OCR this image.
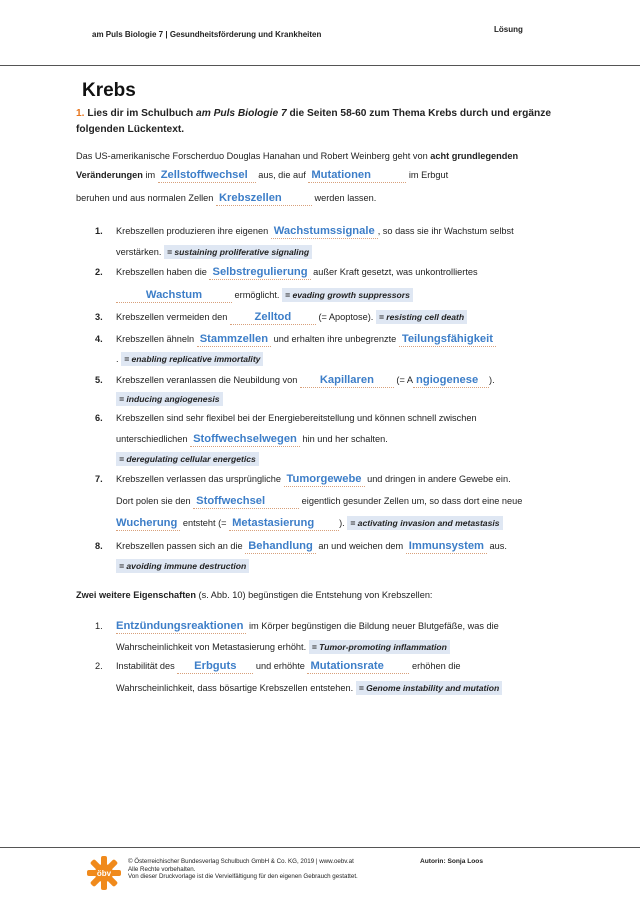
am Puls Biologie 7 | Gesundheitsförderung und Krankheiten
Lösung
Krebs
1. Lies dir im Schulbuch am Puls Biologie 7 die Seiten 58-60 zum Thema Krebs durch und ergänze folgenden Lückentext.
Das US-amerikanische Forscherduo Douglas Hanahan und Robert Weinberg geht von acht grundlegenden
Veränderungen im Zellstoffwechsel aus, die auf Mutationen	im Erbgut
beruhen und aus normalen Zellen Krebszellen	werden lassen.
1. Krebszellen produzieren ihre eigenen Wachstumssignale , so dass sie ihr Wachstum selbst
verstärken. = sustaining proliferative signaling
2. Krebszellen haben die Selbstregulierung außer Kraft gesetzt, was unkontrolliertes
Wachstum	ermöglicht. = evading growth suppressors
3. Krebszellen vermeiden den Zelltod	(= Apoptose). = resisting cell death
4. Krebszellen ähneln Stammzellen und erhalten ihre unbegrenzte Teilungsfähigkeit
. = enabling replicative immortality
5. Krebszellen veranlassen die Neubildung von Kapillaren (= A ngiogenese ).
= inducing angiogenesis
6. Krebszellen sind sehr flexibel bei der Energiebereitstellung und können schnell zwischen
unterschiedlichen Stoffwechselwegen hin und her schalten.
= deregulating cellular energetics
7. Krebszellen verlassen das ursprüngliche Tumorgewebe und dringen in andere Gewebe ein.
Dort polen sie den Stoffwechsel	eigentlich gesunder Zellen um, so dass dort eine neue
Wucherung entsteht (= Metastasierung	). = activating invasion and metastasis
8. Krebszellen passen sich an die Behandlung an und weichen dem Immunsystem aus.
= avoiding immune destruction
Zwei weitere Eigenschaften (s. Abb. 10) begünstigen die Entstehung von Krebszellen:
1. Entzündungsreaktionen im Körper begünstigen die Bildung neuer Blutgefäße, was die
Wahrscheinlichkeit von Metastasierung erhöht. = Tumor-promoting inflammation
2. Instabilität des Erbguts und erhöhte Mutationsrate	erhöhen die
Wahrscheinlichkeit, dass bösartige Krebszellen entstehen. = Genome instability and mutation
öbv
© Österreichischer Bundesverlag Schulbuch GmbH & Co. KG, 2019 | www.oebv.at
Alle Rechte vorbehalten.
Von dieser Druckvorlage ist die Vervielfältigung für den eigenen Gebrauch gestattet.
Autorin: Sonja Loos
